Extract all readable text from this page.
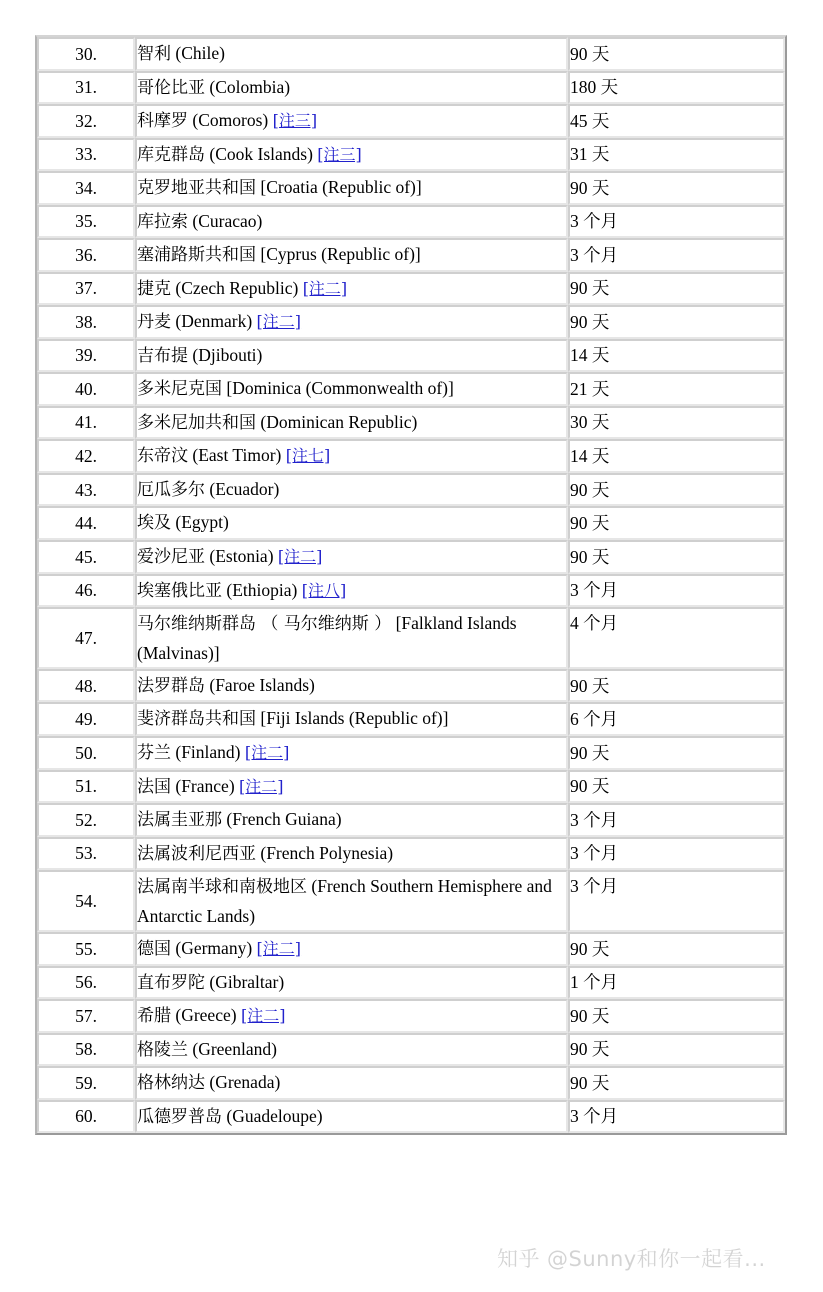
30.	智利 (Chile)	90 天
31.	哥伦比亚 (Colombia)	180 天
32.	科摩罗 (Comoros) [注三]	45 天
33.	库克群岛 (Cook Islands) [注三]	31 天
34.	克罗地亚共和国 [Croatia (Republic of)]	90 天
35.	库拉索 (Curacao)	3 个月
36.	塞浦路斯共和国 [Cyprus (Republic of)]	3 个月
37.	捷克 (Czech Republic) [注二]	90 天
38.	丹麦 (Denmark) [注二]	90 天
39.	吉布提 (Djibouti)	14 天
40.	多米尼克国 [Dominica (Commonwealth of)]	21 天
41.	多米尼加共和国 (Dominican Republic)	30 天
42.	东帝汶 (East Timor) [注七]	14 天
43.	厄瓜多尔 (Ecuador)	90 天
44.	埃及 (Egypt)	90 天
45.	爱沙尼亚 (Estonia) [注二]	90 天
46.	埃塞俄比亚 (Ethiopia) [注八]	3 个月
47.	马尔维纳斯群岛 （ 马尔维纳斯 ） [Falkland Islands (Malvinas)]	4 个月
48.	法罗群岛 (Faroe Islands)	90 天
49.	斐济群岛共和国 [Fiji Islands (Republic of)]	6 个月
50.	芬兰 (Finland) [注二]	90 天
51.	法国 (France) [注二]	90 天
52.	法属圭亚那 (French Guiana)	3 个月
53.	法属波利尼西亚 (French Polynesia)	3 个月
54.	法属南半球和南极地区 (French Southern Hemisphere and Antarctic Lands)	3 个月
55.	德国 (Germany) [注二]	90 天
56.	直布罗陀 (Gibraltar)	1 个月
57.	希腊 (Greece) [注二]	90 天
58.	格陵兰 (Greenland)	90 天
59.	格林纳达 (Grenada)	90 天
60.	瓜德罗普岛 (Guadeloupe)	3 个月
知乎 @Sunny和你一起看...
